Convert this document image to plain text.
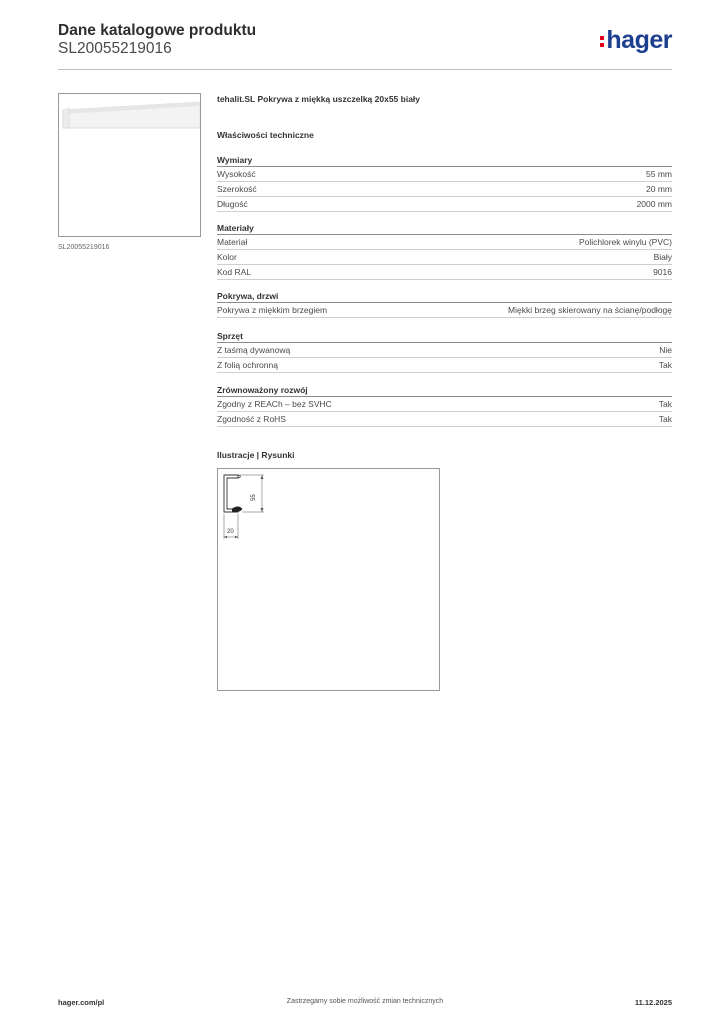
Dane katalogowe produktu
SL20055219016	hager
SL20055219016
tehalit.SL Pokrywa z miękką uszczelką 20x55 biały
Właściwości techniczne
Wymiary
Wysokość	55 mm
Szerokość	20 mm
Długość	2000 mm
Materiały
Materiał	Polichlorek winylu (PVC)
Kolor	Biały
Kod RAL	9016
Pokrywa, drzwi
Pokrywa z miękkim brzegiem	Miękki brzeg skierowany na ścianę/podłogę
Sprzęt
Z taśmą dywanową	Nie
Z folią ochronną	Tak
Zrównoważony rozwój
Zgodny z REACh – bez SVHC	Tak
Zgodność z RoHS	Tak
Ilustracje | Rysunki
55
20
hager.com/pl	Zastrzegamy sobie możliwość zmian technicznych	11.12.2025
